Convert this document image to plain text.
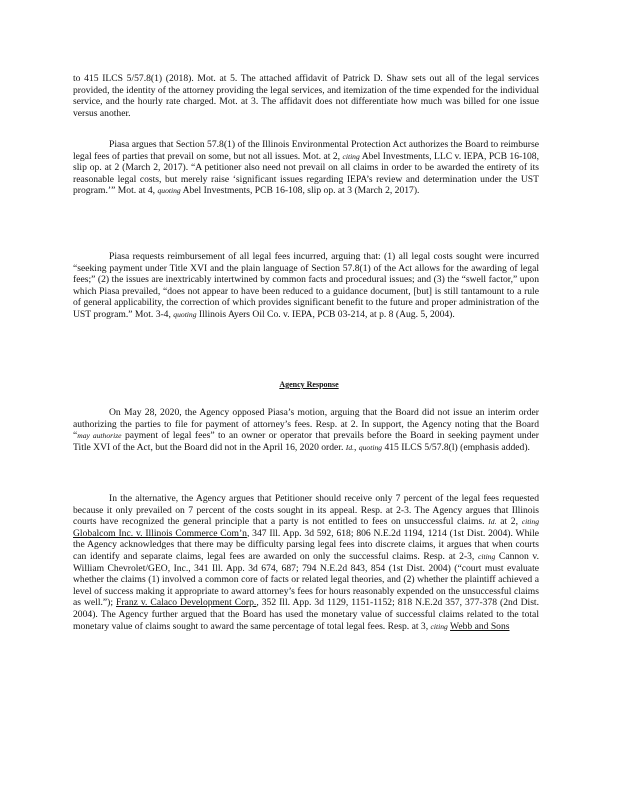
to 415 ILCS 5/57.8(1) (2018). Mot. at 5. The attached affidavit of Patrick D. Shaw sets out all of the legal services provided, the identity of the attorney providing the legal services, and itemization of the time expended for the individual service, and the hourly rate charged. Mot. at 3. The affidavit does not differentiate how much was billed for one issue versus another.

Piasa argues that Section 57.8(1) of the Illinois Environmental Protection Act authorizes the Board to reimburse legal fees of parties that prevail on some, but not all issues. Mot. at 2, citing Abel Investments, LLC v. IEPA, PCB 16-108, slip op. at 2 (March 2, 2017). “A petitioner also need not prevail on all claims in order to be awarded the entirety of its reasonable legal costs, but merely raise ‘significant issues regarding IEPA’s review and determination under the UST program.’” Mot. at 4, quoting Abel Investments, PCB 16-108, slip op. at 3 (March 2, 2017).

Piasa requests reimbursement of all legal fees incurred, arguing that: (1) all legal costs sought were incurred “seeking payment under Title XVI and the plain language of Section 57.8(1) of the Act allows for the awarding of legal fees;” (2) the issues are inextricably intertwined by common facts and procedural issues; and (3) the “swell factor,” upon which Piasa prevailed, “does not appear to have been reduced to a guidance document, [but] is still tantamount to a rule of general applicability, the correction of which provides significant benefit to the future and proper administration of the UST program.” Mot. 3-4, quoting Illinois Ayers Oil Co. v. IEPA, PCB 03-214, at p. 8 (Aug. 5, 2004).

Agency Response

On May 28, 2020, the Agency opposed Piasa’s motion, arguing that the Board did not issue an interim order authorizing the parties to file for payment of attorney’s fees. Resp. at 2. In support, the Agency noting that the Board “may authorize payment of legal fees” to an owner or operator that prevails before the Board in seeking payment under Title XVI of the Act, but the Board did not in the April 16, 2020 order. Id., quoting 415 ILCS 5/57.8(l) (emphasis added).

In the alternative, the Agency argues that Petitioner should receive only 7 percent of the legal fees requested because it only prevailed on 7 percent of the costs sought in its appeal. Resp. at 2-3. The Agency argues that Illinois courts have recognized the general principle that a party is not entitled to fees on unsuccessful claims. Id. at 2, citing Globalcom Inc. v. Illinois Commerce Com’n, 347 Ill. App. 3d 592, 618; 806 N.E.2d 1194, 1214 (1st Dist. 2004). While the Agency acknowledges that there may be difficulty parsing legal fees into discrete claims, it argues that when courts can identify and separate claims, legal fees are awarded on only the successful claims. Resp. at 2-3, citing Cannon v. William Chevrolet/GEO, Inc., 341 Ill. App. 3d 674, 687; 794 N.E.2d 843, 854 (1st Dist. 2004) (“court must evaluate whether the claims (1) involved a common core of facts or related legal theories, and (2) whether the plaintiff achieved a level of success making it appropriate to award attorney’s fees for hours reasonably expended on the unsuccessful claims as well.”); Franz v. Calaco Development Corp., 352 Ill. App. 3d 1129, 1151-1152; 818 N.E.2d 357, 377-378 (2nd Dist. 2004). The Agency further argued that the Board has used the monetary value of successful claims related to the total monetary value of claims sought to award the same percentage of total legal fees. Resp. at 3, citing Webb and Sons
